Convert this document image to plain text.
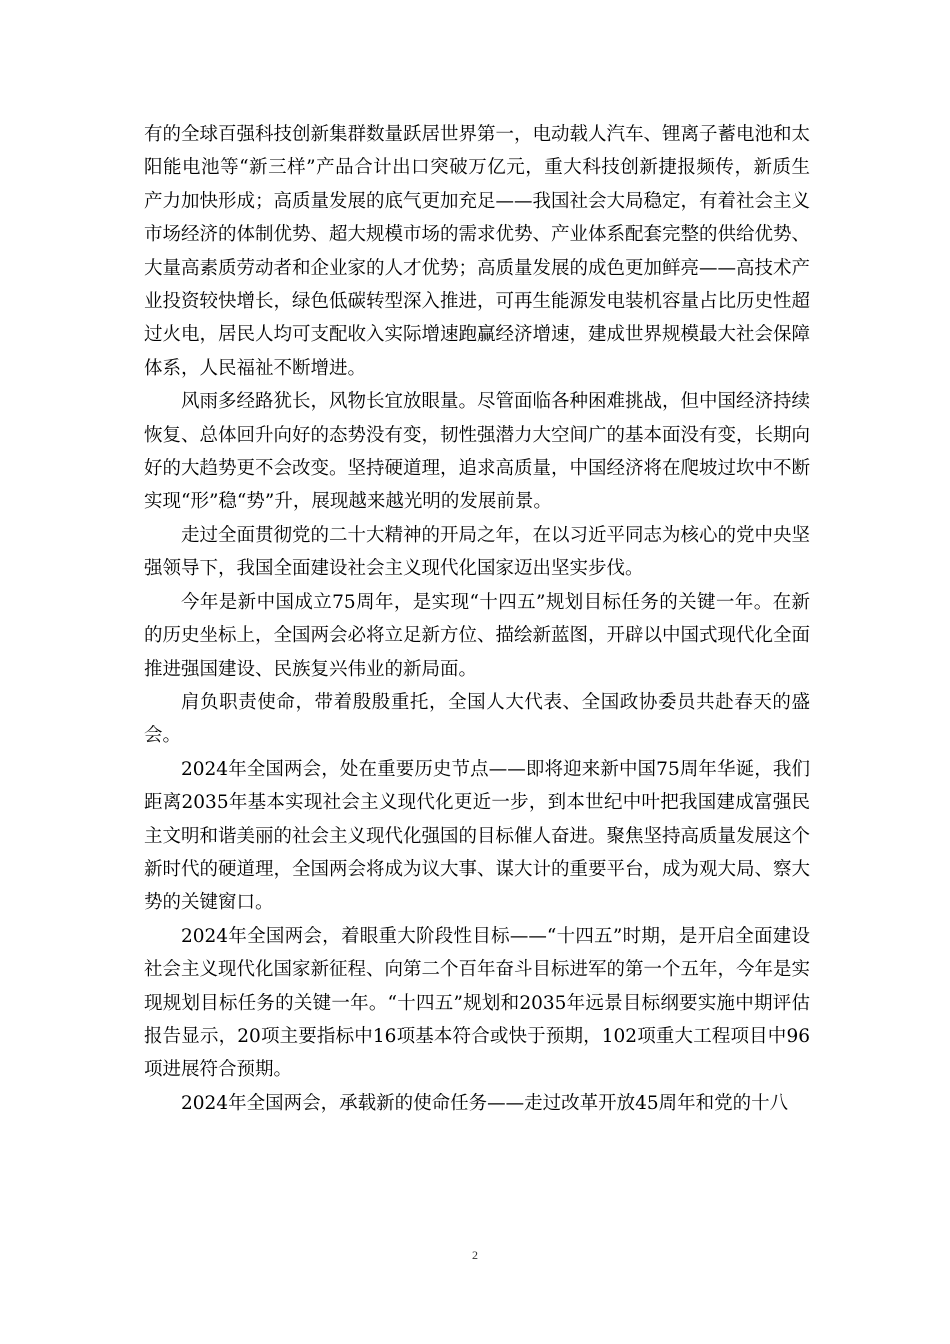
有的全球百强科技创新集群数量跃居世界第一，电动载人汽车、锂离子蓄电池和太阳能电池等“新三样”产品合计出口突破万亿元，重大科技创新捷报频传，新质生产力加快形成；高质量发展的底气更加充足——我国社会大局稳定，有着社会主义市场经济的体制优势、超大规模市场的需求优势、产业体系配套完整的供给优势、大量高素质劳动者和企业家的人才优势；高质量发展的成色更加鲜亮——高技术产业投资较快增长，绿色低碳转型深入推进，可再生能源发电装机容量占比历史性超过火电，居民人均可支配收入实际增速跑赢经济增速，建成世界规模最大社会保障体系，人民福祉不断增进。

风雨多经路犹长，风物长宜放眼量。尽管面临各种困难挑战，但中国经济持续恢复、总体回升向好的态势没有变，韧性强潜力大空间广的基本面没有变，长期向好的大趋势更不会改变。坚持硬道理，追求高质量，中国经济将在爬坡过坎中不断实现“形”稳“势”升，展现越来越光明的发展前景。

走过全面贯彻党的二十大精神的开局之年，在以习近平同志为核心的党中央坚强领导下，我国全面建设社会主义现代化国家迈出坚实步伐。

今年是新中国成立75周年，是实现“十四五”规划目标任务的关键一年。在新的历史坐标上，全国两会必将立足新方位、描绘新蓝图，开辟以中国式现代化全面推进强国建设、民族复兴伟业的新局面。

肩负职责使命，带着殷殷重托，全国人大代表、全国政协委员共赴春天的盛会。

2024年全国两会，处在重要历史节点——即将迎来新中国75周年华诞，我们距离2035年基本实现社会主义现代化更近一步，到本世纪中叶把我国建成富强民主文明和谐美丽的社会主义现代化强国的目标催人奋进。聚焦坚持高质量发展这个新时代的硬道理，全国两会将成为议大事、谋大计的重要平台，成为观大局、察大势的关键窗口。

2024年全国两会，着眼重大阶段性目标——“十四五”时期，是开启全面建设社会主义现代化国家新征程、向第二个百年奋斗目标进军的第一个五年，今年是实现规划目标任务的关键一年。“十四五”规划和2035年远景目标纲要实施中期评估报告显示，20项主要指标中16项基本符合或快于预期，102项重大工程项目中96项进展符合预期。

2024年全国两会，承载新的使命任务——走过改革开放45周年和党的十八

2
